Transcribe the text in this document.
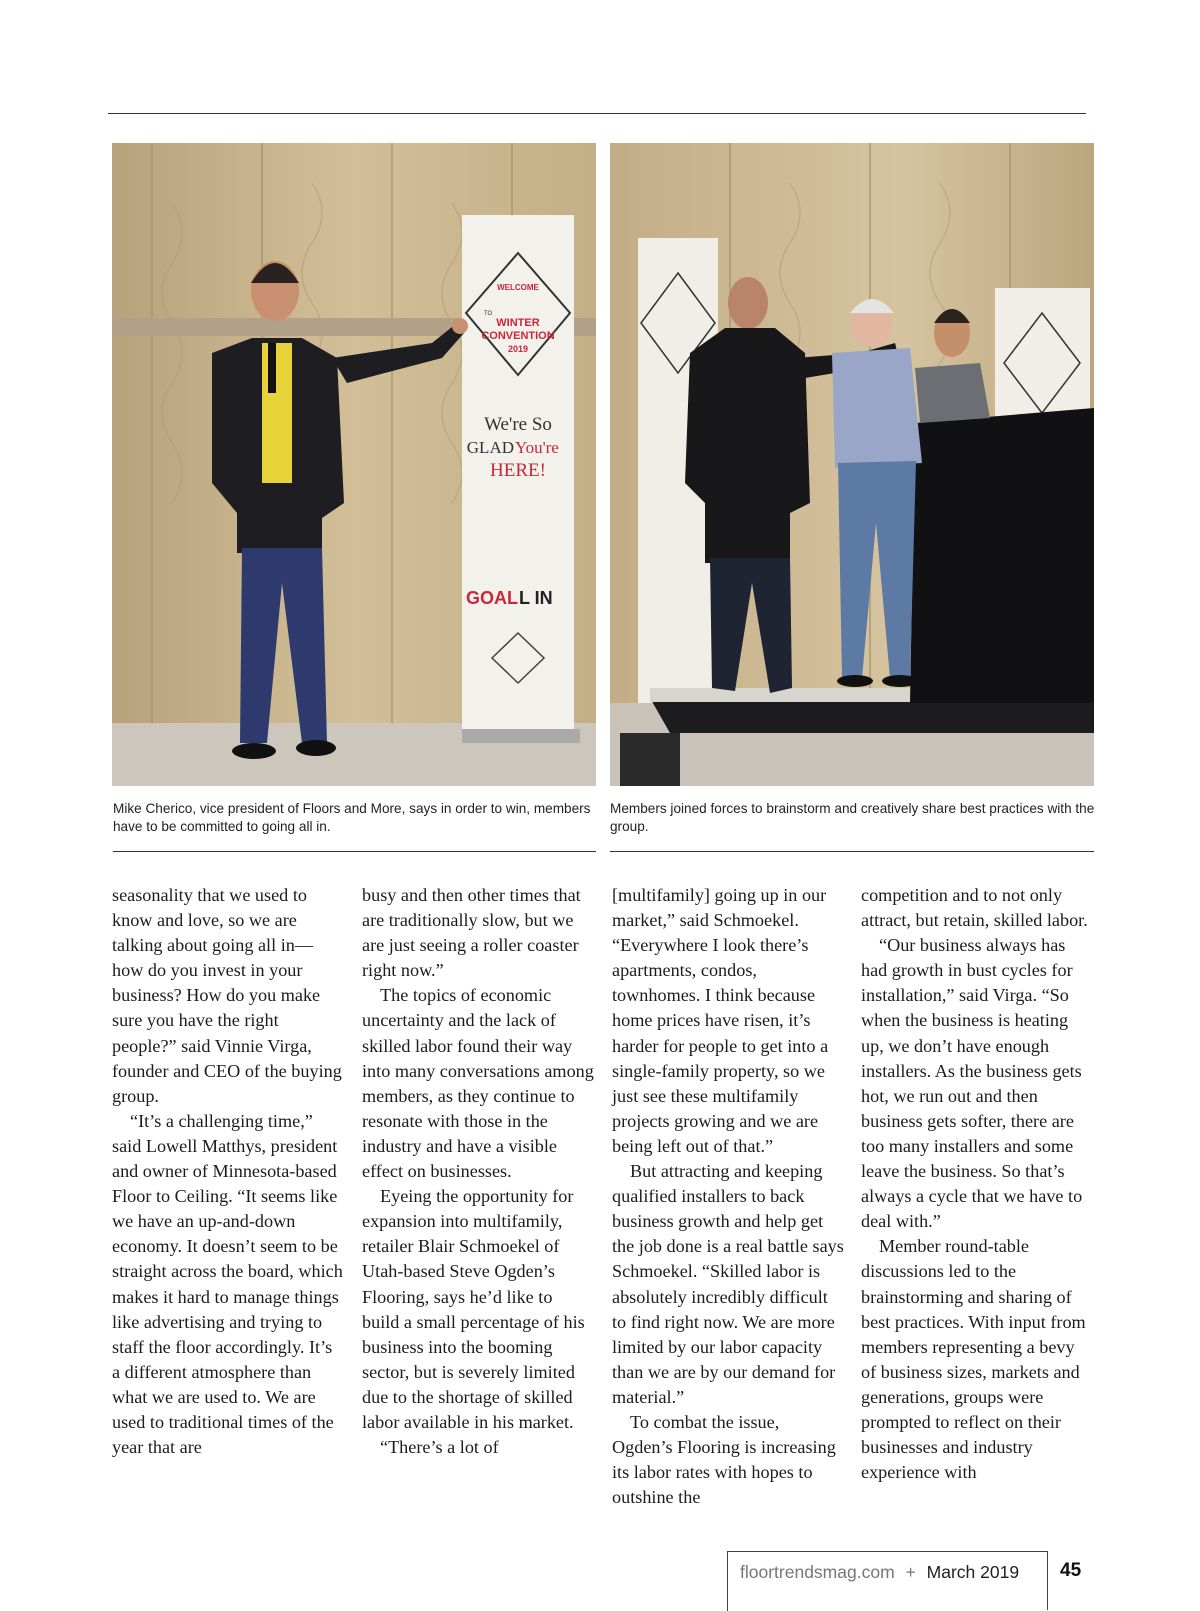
WELCOME
TO
WINTER
CONVENTION
2019
We're So
GLAD You're
HERE!
GOAL L IN
Mike Cherico, vice president of Floors and More, says in order to win, members have to be committed to going all in.
Members joined forces to brainstorm and creatively share best practices with the group.

seasonality that we used to know and love, so we are talking about going all in—how do you invest in your business? How do you make sure you have the right people?” said Vinnie Virga, founder and CEO of the buying group.

“It’s a challenging time,” said Lowell Matthys, president and owner of Minnesota-based Floor to Ceiling. “It seems like we have an up-and-down economy. It doesn’t seem to be straight across the board, which makes it hard to manage things like advertising and trying to staff the floor accordingly. It’s a different atmosphere than what we are used to. We are used to traditional times of the year that are

busy and then other times that are traditionally slow, but we are just seeing a roller coaster right now.”

The topics of economic uncertainty and the lack of skilled labor found their way into many conversations among members, as they continue to resonate with those in the industry and have a visible effect on businesses.

Eyeing the opportunity for expansion into multifamily, retailer Blair Schmoekel of Utah-based Steve Ogden’s Flooring, says he’d like to build a small percentage of his business into the booming sector, but is severely limited due to the shortage of skilled labor available in his market.

“There’s a lot of

[multifamily] going up in our market,” said Schmoekel. “Everywhere I look there’s apartments, condos, townhomes. I think because home prices have risen, it’s harder for people to get into a single-family property, so we just see these multifamily projects growing and we are being left out of that.”

But attracting and keeping qualified installers to back business growth and help get the job done is a real battle says Schmoekel. “Skilled labor is absolutely incredibly difficult to find right now. We are more limited by our labor capacity than we are by our demand for material.”

To combat the issue, Ogden’s Flooring is increasing its labor rates with hopes to outshine the

competition and to not only attract, but retain, skilled labor.

“Our business always has had growth in bust cycles for installation,” said Virga. “So when the business is heating up, we don’t have enough installers. As the business gets hot, we run out and then business gets softer, there are too many installers and some leave the business. So that’s always a cycle that we have to deal with.”

Member round-table discussions led to the brainstorming and sharing of best practices. With input from members representing a bevy of business sizes, markets and generations, groups were prompted to reflect on their businesses and industry experience with

floortrendsmag.com + March 2019 45
